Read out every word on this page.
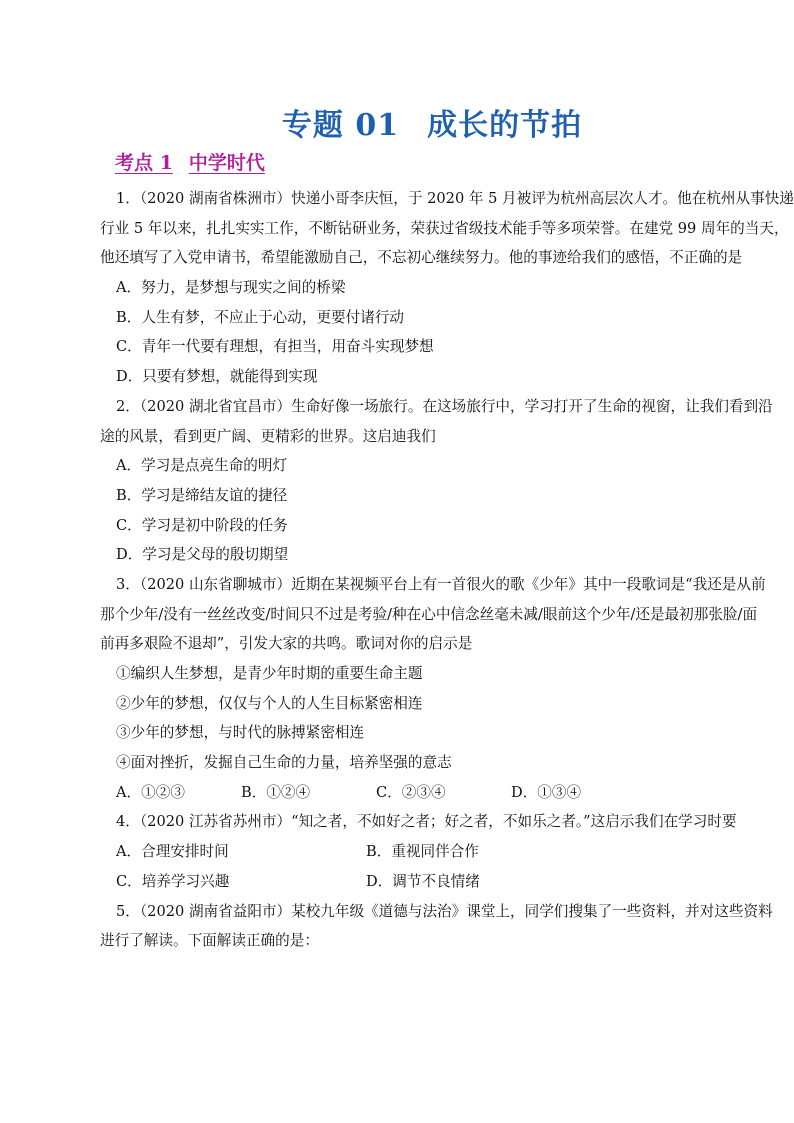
专题 01 成长的节拍
考点 1 中学时代
1．（2020 湖南省株洲市）快递小哥李庆恒，于 2020 年 5 月被评为杭州高层次人才。他在杭州从事快递
行业 5 年以来，扎扎实实工作，不断钻研业务，荣获过省级技术能手等多项荣誉。在建党 99 周年的当天，
他还填写了入党申请书，希望能激励自己，不忘初心继续努力。他的事迹给我们的感悟，不正确的是
A．努力，是梦想与现实之间的桥梁
B．人生有梦，不应止于心动，更要付诸行动
C．青年一代要有理想，有担当，用奋斗实现梦想
D．只要有梦想，就能得到实现
2．（2020 湖北省宜昌市）生命好像一场旅行。在这场旅行中，学习打开了生命的视窗，让我们看到沿
途的风景，看到更广阔、更精彩的世界。这启迪我们
A．学习是点亮生命的明灯
B．学习是缔结友谊的捷径
C．学习是初中阶段的任务
D．学习是父母的殷切期望
3．（2020 山东省聊城市）近期在某视频平台上有一首很火的歌《少年》其中一段歌词是“我还是从前
那个少年/没有一丝丝改变/时间只不过是考验/种在心中信念丝毫未减/眼前这个少年/还是最初那张脸/面
前再多艰险不退却”，引发大家的共鸣。歌词对你的启示是
①编织人生梦想，是青少年时期的重要生命主题
②少年的梦想，仅仅与个人的人生目标紧密相连
③少年的梦想，与时代的脉搏紧密相连
④面对挫折，发掘自己生命的力量，培养坚强的意志
A．①②③	B．①②④	C．②③④	D．①③④
4．（2020 江苏省苏州市）“知之者，不如好之者；好之者，不如乐之者。”这启示我们在学习时要
A．合理安排时间	B．重视同伴合作
C．培养学习兴趣	D．调节不良情绪
5．（2020 湖南省益阳市）某校九年级《道德与法治》课堂上，同学们搜集了一些资料，并对这些资料
进行了解读。下面解读正确的是：
